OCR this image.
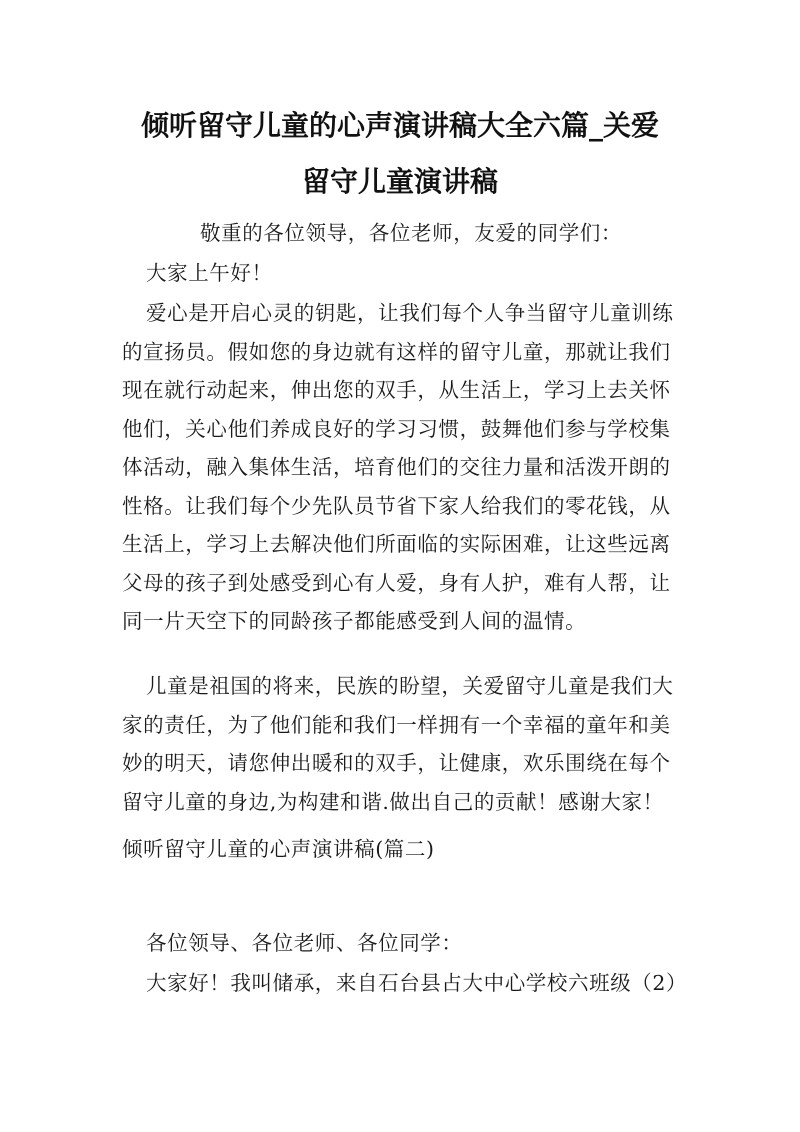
倾听留守儿童的心声演讲稿大全六篇_关爱
留守儿童演讲稿

敬重的各位领导，各位老师，友爱的同学们：

大家上午好！

爱心是开启心灵的钥匙，让我们每个人争当留守儿童训练的宣扬员。假如您的身边就有这样的留守儿童，那就让我们现在就行动起来，伸出您的双手，从生活上，学习上去关怀他们，关心他们养成良好的学习习惯，鼓舞他们参与学校集体活动，融入集体生活，培育他们的交往力量和活泼开朗的性格。让我们每个少先队员节省下家人给我们的零花钱，从生活上，学习上去解决他们所面临的实际困难，让这些远离父母的孩子到处感受到心有人爱，身有人护，难有人帮，让同一片天空下的同龄孩子都能感受到人间的温情。

儿童是祖国的将来，民族的盼望，关爱留守儿童是我们大家的责任，为了他们能和我们一样拥有一个幸福的童年和美妙的明天，请您伸出暖和的双手，让健康，欢乐围绕在每个留守儿童的身边,为构建和谐.做出自己的贡献！感谢大家！

倾听留守儿童的心声演讲稿(篇二)

各位领导、各位老师、各位同学：

大家好！我叫储承，来自石台县占大中心学校六班级（2）
